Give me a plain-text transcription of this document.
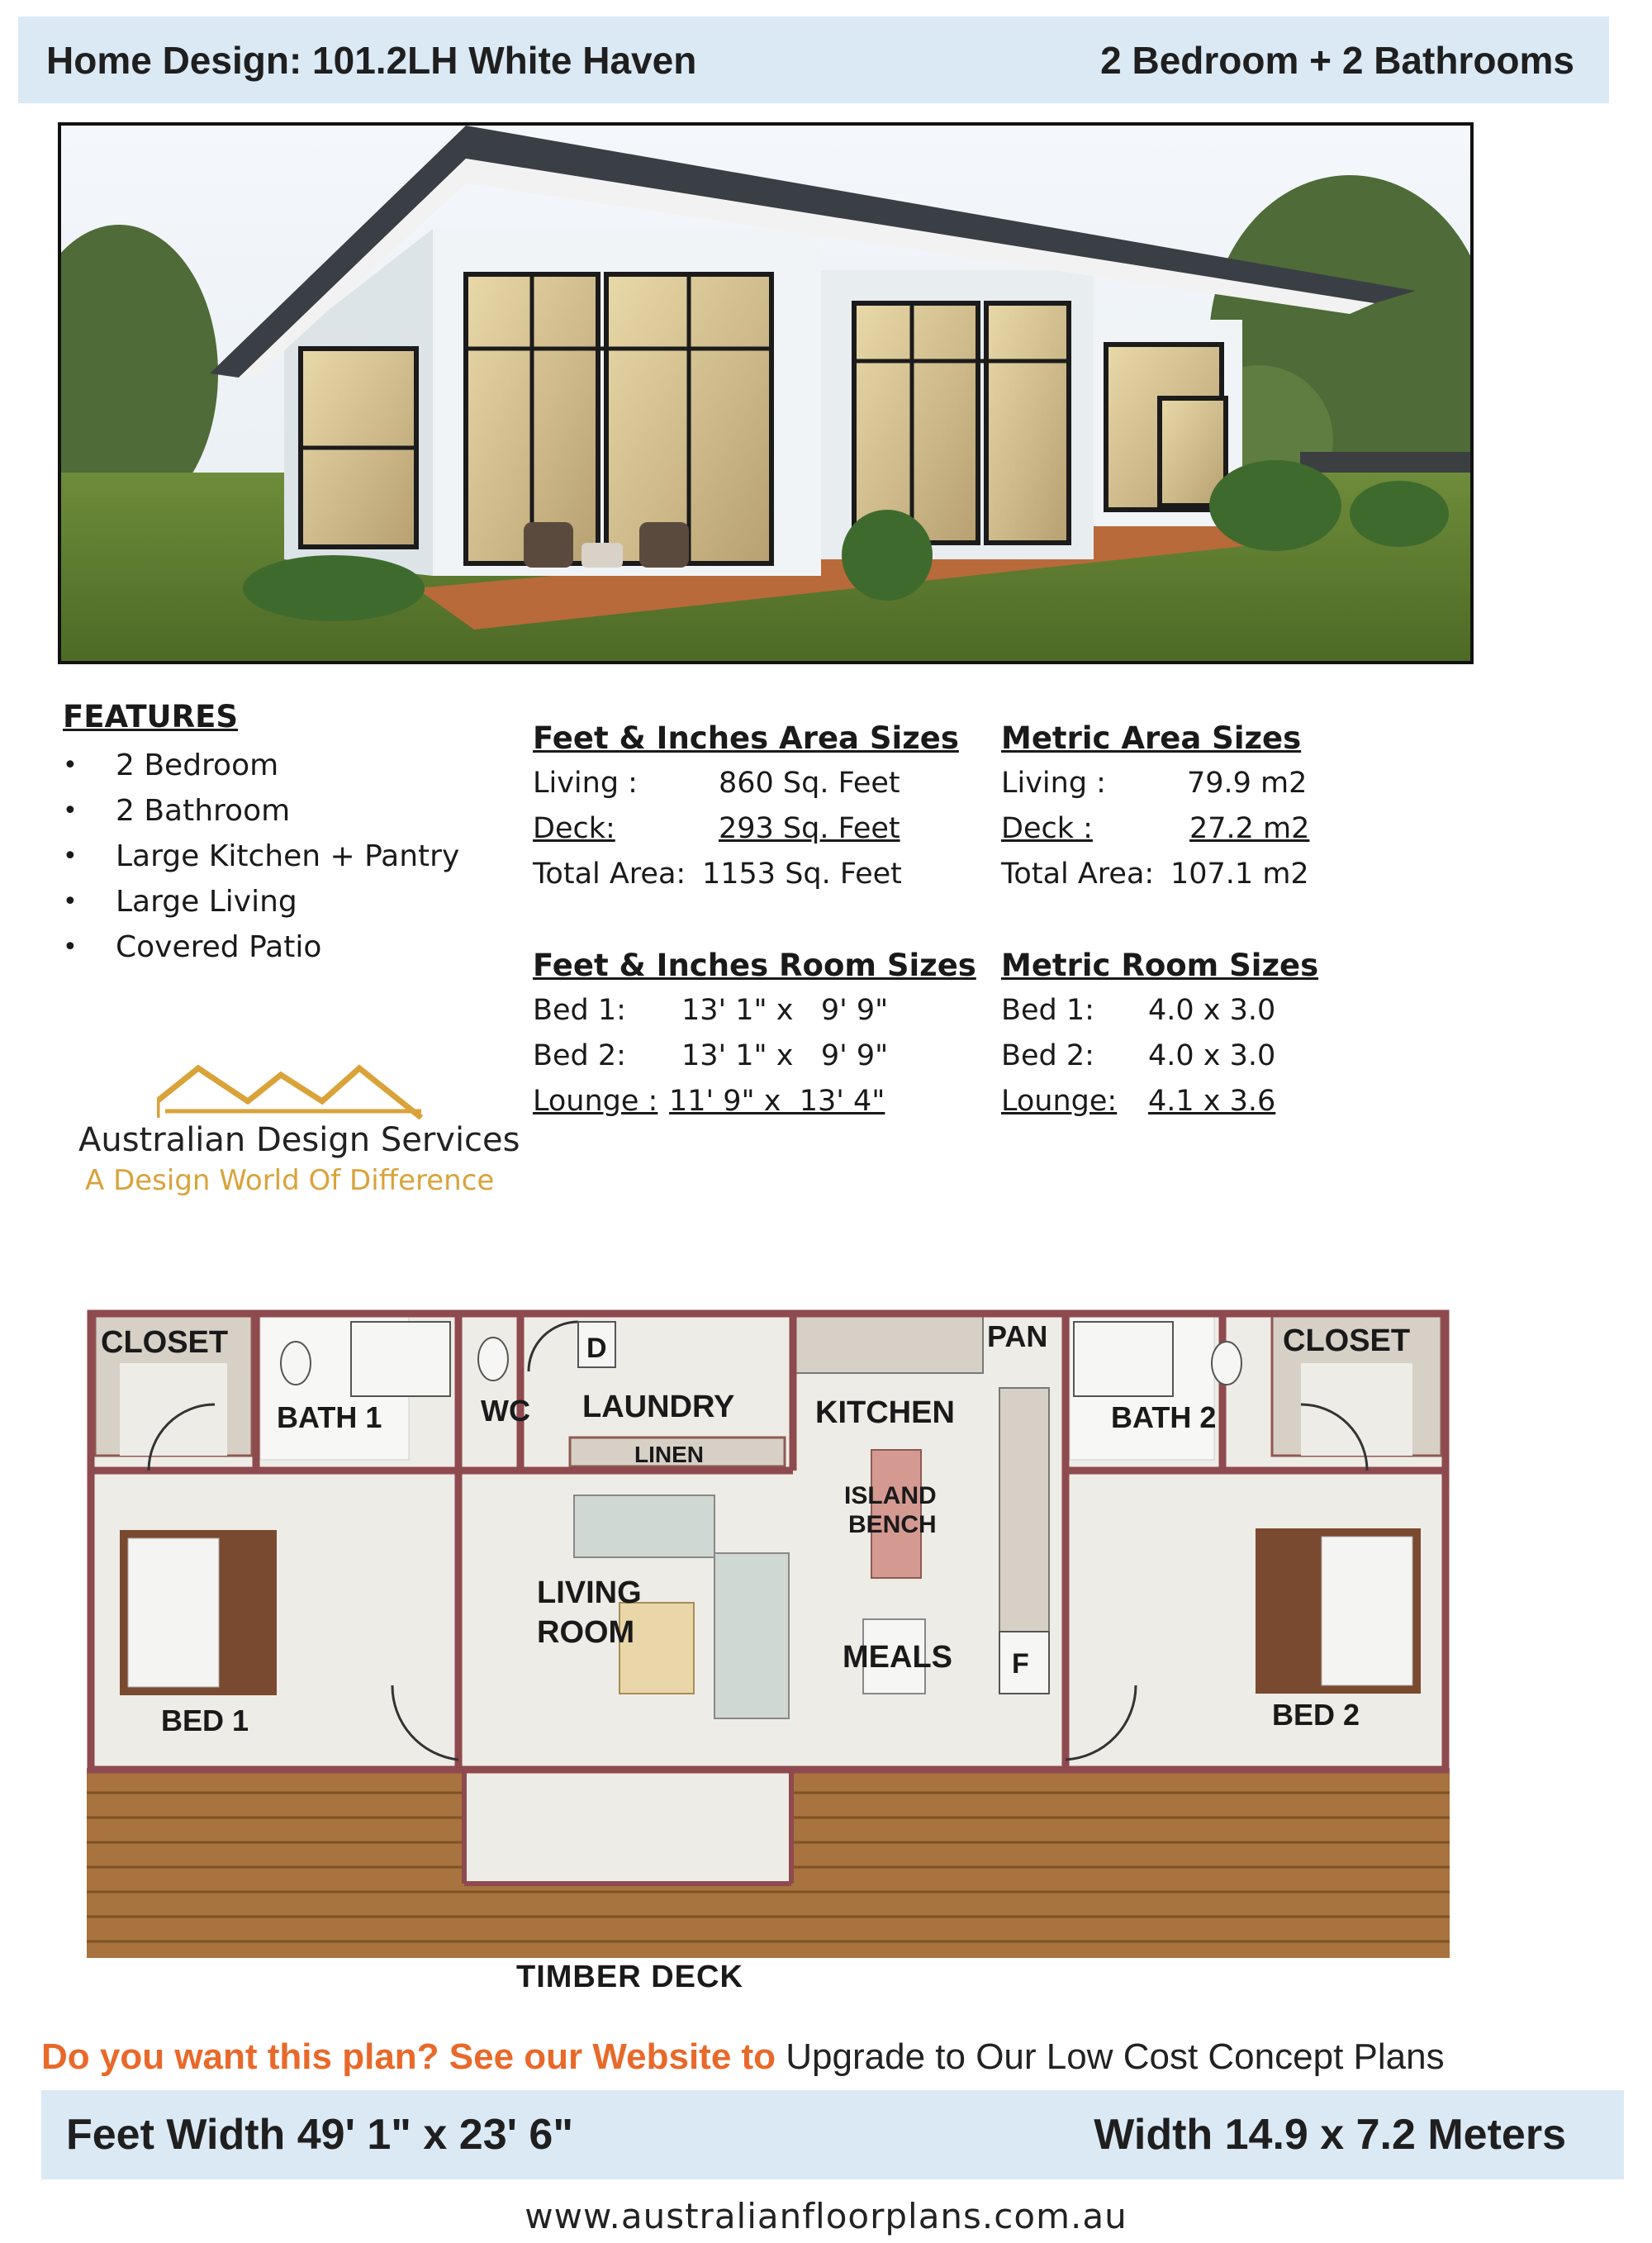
Home Design: 101.2LH White Haven	2 Bedroom + 2 Bathrooms
FEATURES
•	2 Bedroom
•	2 Bathroom
•	Large Kitchen + Pantry
•	Large Living
•	Covered Patio
Feet & Inches Area Sizes
Living :	860 Sq. Feet
Deck:	293 Sq. Feet
Total Area: 1153 Sq. Feet
Metric Area Sizes
Living :	79.9 m2
Deck :	27.2 m2
Total Area: 107.1 m2
Feet & Inches Room Sizes
Bed 1:	13' 1" x   9' 9"
Bed 2:	13' 1" x   9' 9"
Lounge : 11' 9" x  13' 4"
Metric Room Sizes
Bed 1:	4.0 x 3.0
Bed 2:	4.0 x 3.0
Lounge:	4.1 x 3.6
Australian Design Services
A Design World Of Difference
CLOSET	CLOSET
BATH 1	BATH 2
WC LAUNDRY
LINEN
KITCHEN
PAN
D
F
ISLAND
BENCH
LIVING
ROOM
MEALS
BED 1	BED 2
TIMBER DECK
Do you want this plan? See our Website to Upgrade to Our Low Cost Concept Plans
Feet Width 49' 1" x 23' 6"	Width 14.9 x 7.2 Meters
www.australianfloorplans.com.au
